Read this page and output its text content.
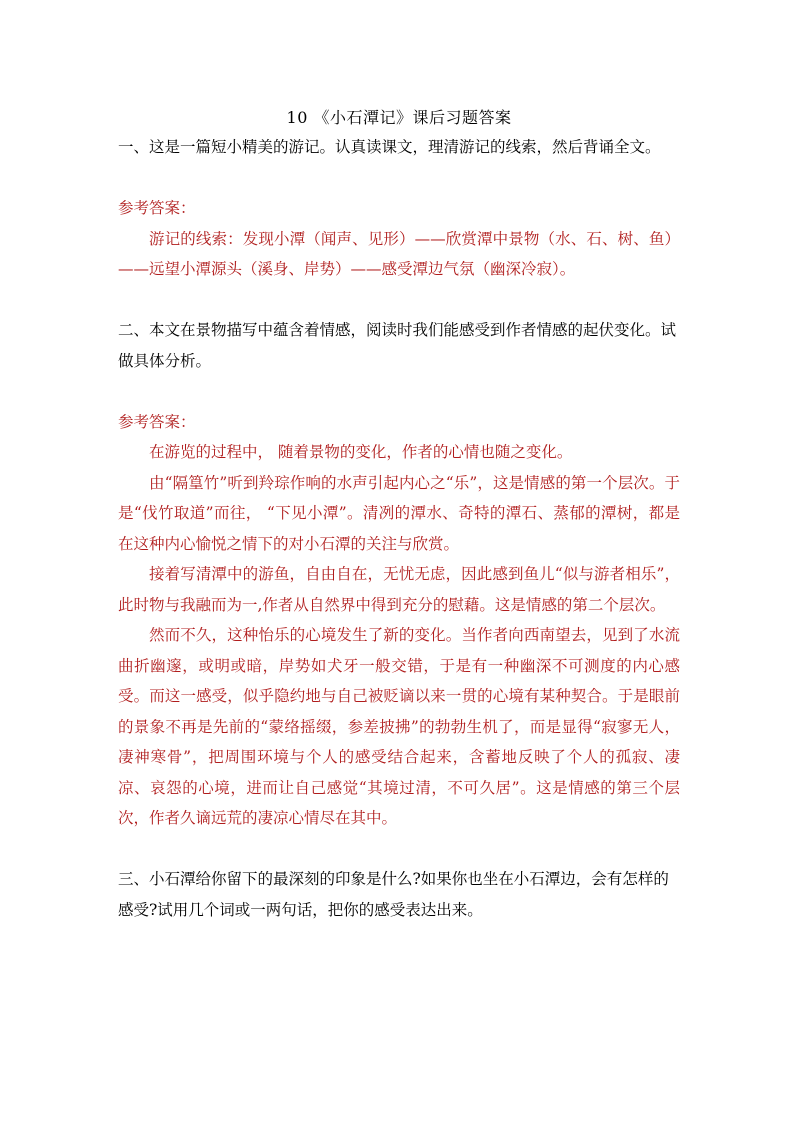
10 《小石潭记》课后习题答案

一、这是一篇短小精美的游记。认真读课文，理清游记的线索，然后背诵全文。

参考答案：

游记的线索：发现小潭（闻声、见形）——欣赏潭中景物（水、石、树、鱼）——远望小潭源头（溪身、岸势）——感受潭边气氛（幽深冷寂）。

二、本文在景物描写中蕴含着情感，阅读时我们能感受到作者情感的起伏变化。试做具体分析。

参考答案：

在游览的过程中， 随着景物的变化，作者的心情也随之变化。

由“隔篁竹”听到羚琮作响的水声引起内心之“乐”，这是情感的第一个层次。于是“伐竹取道”而往， “下见小潭”。清冽的潭水、奇特的潭石、蒸郁的潭树，都是在这种内心愉悦之情下的对小石潭的关注与欣赏。

接着写清潭中的游鱼，自由自在，无忧无虑，因此感到鱼儿“似与游者相乐”，此时物与我融而为一,作者从自然界中得到充分的慰藉。这是情感的第二个层次。

然而不久，这种怡乐的心境发生了新的变化。当作者向西南望去，见到了水流曲折幽邃，或明或暗，岸势如犬牙一般交错，于是有一种幽深不可测度的内心感受。而这一感受，似乎隐约地与自己被贬谪以来一贯的心境有某种契合。于是眼前的景象不再是先前的“蒙络摇缀，参差披拂”的勃勃生机了，而是显得“寂寥无人，凄神寒骨”，把周围环境与个人的感受结合起来，含蓄地反映了个人的孤寂、凄凉、哀怨的心境，进而让自己感觉“其境过清，不可久居”。这是情感的第三个层次，作者久谪远荒的凄凉心情尽在其中。

三、小石潭给你留下的最深刻的印象是什么?如果你也坐在小石潭边，会有怎样的感受?试用几个词或一两句话，把你的感受表达出来。
